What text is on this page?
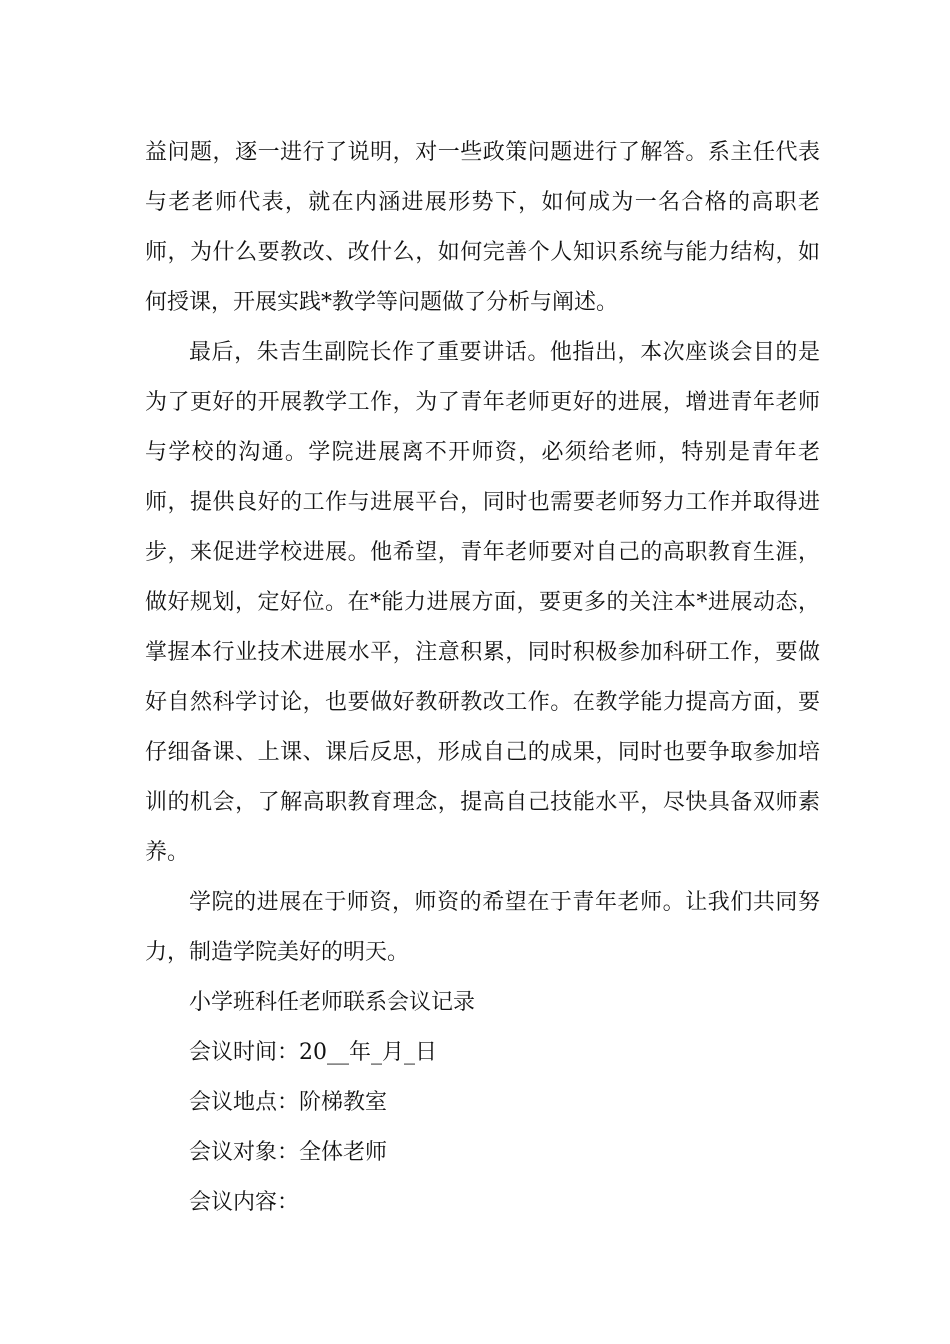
益问题，逐一进行了说明，对一些政策问题进行了解答。系主任代表与老老师代表，就在内涵进展形势下，如何成为一名合格的高职老师，为什么要教改、改什么，如何完善个人知识系统与能力结构，如何授课，开展实践*教学等问题做了分析与阐述。

最后，朱吉生副院长作了重要讲话。他指出，本次座谈会目的是为了更好的开展教学工作，为了青年老师更好的进展，增进青年老师与学校的沟通。学院进展离不开师资，必须给老师，特别是青年老师，提供良好的工作与进展平台，同时也需要老师努力工作并取得进步，来促进学校进展。他希望，青年老师要对自己的高职教育生涯，做好规划，定好位。在*能力进展方面，要更多的关注本*进展动态，掌握本行业技术进展水平，注意积累，同时积极参加科研工作，要做好自然科学讨论，也要做好教研教改工作。在教学能力提高方面，要仔细备课、上课、课后反思，形成自己的成果，同时也要争取参加培训的机会，了解高职教育理念，提高自己技能水平，尽快具备双师素养。

学院的进展在于师资，师资的希望在于青年老师。让我们共同努力，制造学院美好的明天。

小学班科任老师联系会议记录

会议时间：20__年_月_日

会议地点：阶梯教室

会议对象：全体老师

会议内容：
